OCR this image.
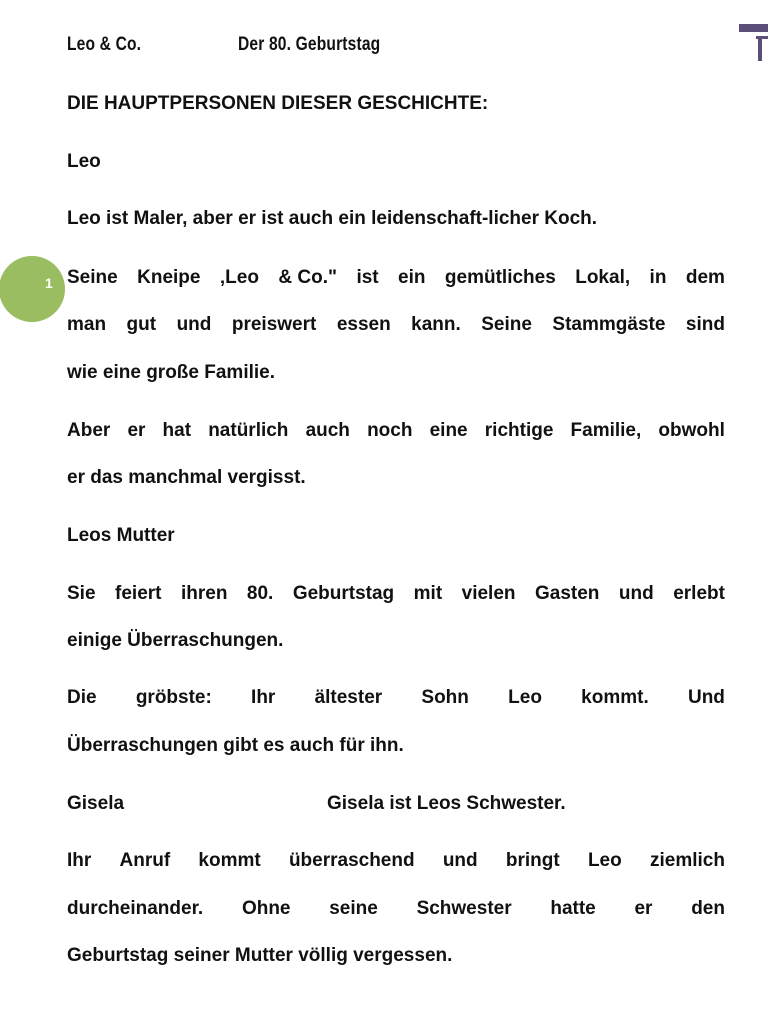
Leo & Co.	Der 80. Geburtstag
DIE HAUPTPERSONEN DIESER GESCHICHTE:
Leo
Leo ist Maler, aber er ist auch ein leidenschaft-licher Koch.
1 Seine Kneipe ‚Leo & Co." ist ein gemütliches Lokal, in dem
man gut und preiswert essen kann. Seine Stammgäste sind
wie eine große Familie.
Aber er hat natürlich auch noch eine richtige Familie, obwohl
er das manchmal vergisst.
Leos Mutter
Sie feiert ihren 80. Geburtstag mit vielen Gasten und erlebt
einige Überraschungen.
Die gröbste: Ihr ältester Sohn Leo kommt. Und
Überraschungen gibt es auch für ihn.
Gisela	Gisela ist Leos Schwester.
Ihr Anruf kommt überraschend und bringt Leo ziemlich
durcheinander. Ohne seine Schwester hatte er den
Geburtstag seiner Mutter völlig vergessen.
